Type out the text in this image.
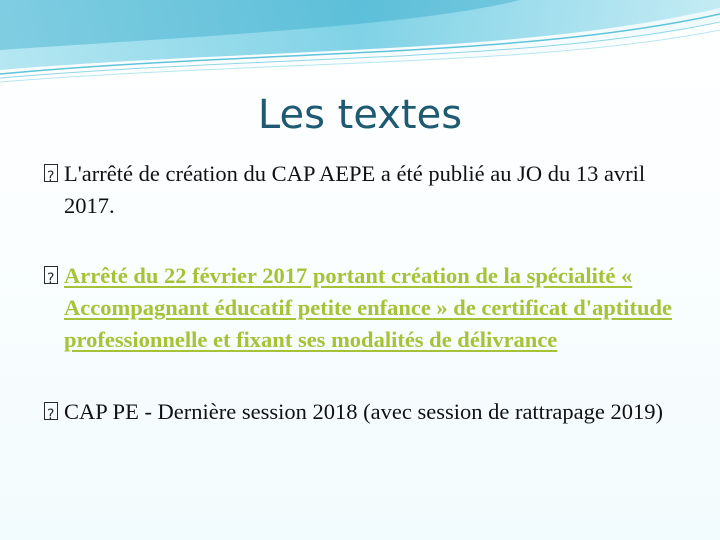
Les textes
?
L'arrêté de création du CAP AEPE a été publié au JO du 13 avril 2017.
?
Arrêté du 22 février 2017 portant création de la spécialité « Accompagnant éducatif petite enfance » de certificat d'aptitude professionnelle et fixant ses modalités de délivrance
?
CAP PE - Dernière session 2018 (avec session de rattrapage 2019)
